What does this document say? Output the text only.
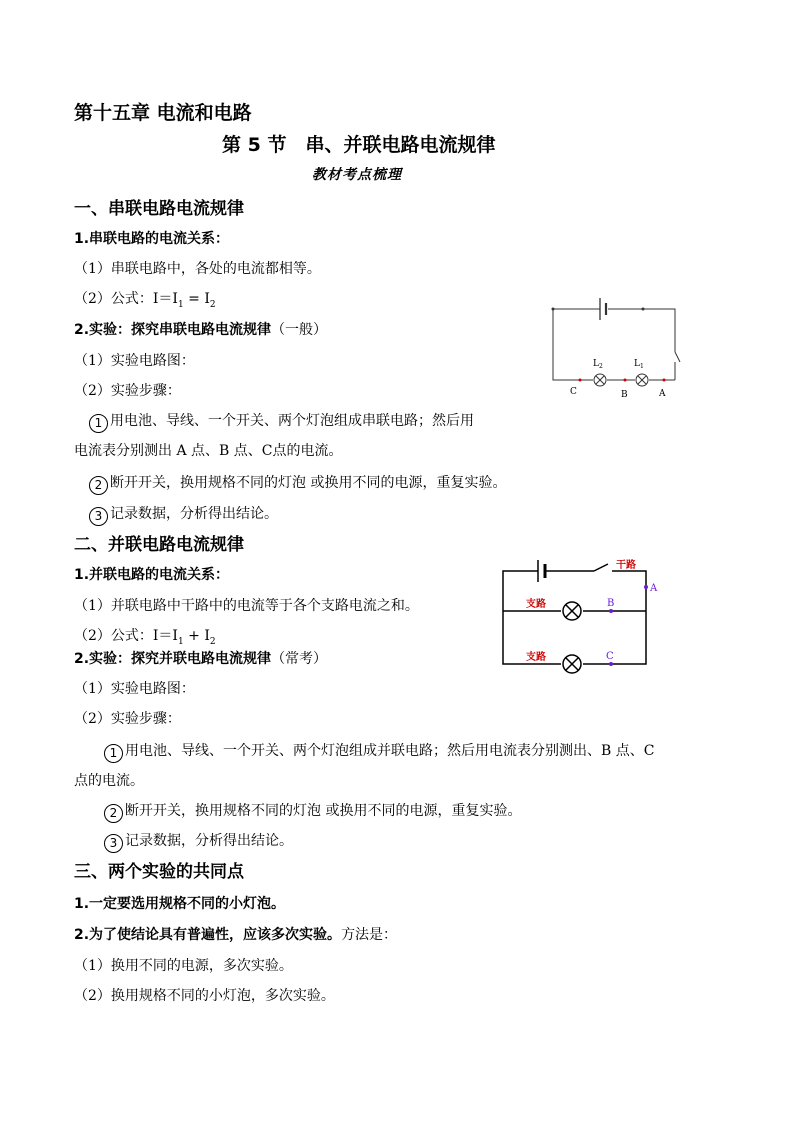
第十五章 电流和电路
第 5 节　串、并联电路电流规律
教材考点梳理
一、串联电路电流规律
1.串联电路的电流关系：
（1）串联电路中，各处的电流都相等。
（2）公式：$I=I_1 = I_2$
2.实验：探究串联电路电流规律（一般）
（1）实验电路图：
（2）实验步骤：
1 用电池、导线、一个开关、两个灯泡组成串联电路；然后用
电流表分别测出 A 点、B 点、C点的电流。
2 断开开关，换用规格不同的灯泡 或换用不同的电源，重复实验。
3 记录数据，分析得出结论。
$L_2$	$L_1$
C	B	A
二、并联电路电流规律
1.并联电路的电流关系：
（1）并联电路中干路中的电流等于各个支路电流之和。
（2）公式：$I=I_1 + I_2$
2.实验：探究并联电路电流规律（常考）
（1）实验电路图：
（2）实验步骤：
1 用电池、导线、一个开关、两个灯泡组成并联电路；然后用电流表分别测出、B 点、C
点的电流。
2 断开开关，换用规格不同的灯泡 或换用不同的电源，重复实验。
3 记录数据，分析得出结论。
干路
支路
支路
A
B
C
三、两个实验的共同点
1.一定要选用规格不同的小灯泡。
2.为了使结论具有普遍性，应该多次实验。方法是：
（1）换用不同的电源，多次实验。
（2）换用规格不同的小灯泡，多次实验。
